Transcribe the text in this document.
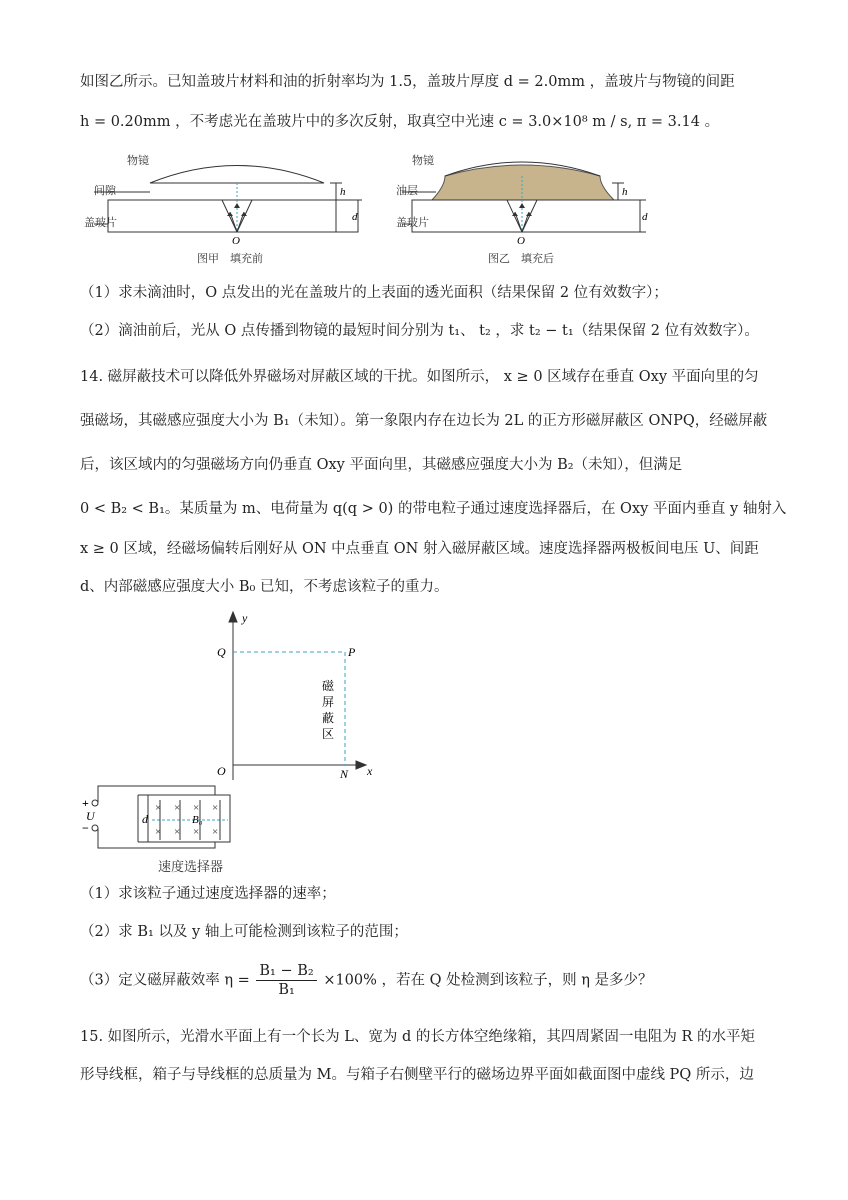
如图乙所示。已知盖玻片材料和油的折射率均为 1.5，盖玻片厚度 d = 2.0mm ，盖玻片与物镜的间距
h = 0.20mm ，不考虑光在盖玻片中的多次反射，取真空中光速 c = 3.0×10⁸ m / s, π = 3.14 。
h
d
O
h
d
O
物镜
间隙
盖玻片
图甲　填充前
物镜
油层
盖玻片
图乙　填充后
（1）求未滴油时，O 点发出的光在盖玻片的上表面的透光面积（结果保留 2 位有效数字）；
（2）滴油前后，光从 O 点传播到物镜的最短时间分别为 t₁、 t₂ ，求 t₂ − t₁（结果保留 2 位有效数字）。
14. 磁屏蔽技术可以降低外界磁场对屏蔽区域的干扰。如图所示， x ≥ 0 区域存在垂直 Oxy 平面向里的匀
强磁场，其磁感应强度大小为 B₁（未知）。第一象限内存在边长为 2L 的正方形磁屏蔽区 ONPQ，经磁屏蔽
后，该区域内的匀强磁场方向仍垂直 Oxy 平面向里，其磁感应强度大小为 B₂（未知），但满足
0 < B₂ < B₁。某质量为 m、电荷量为 q(q > 0) 的带电粒子通过速度选择器后，在 Oxy 平面内垂直 y 轴射入
x ≥ 0 区域，经磁场偏转后刚好从 ON 中点垂直 ON 射入磁屏蔽区域。速度选择器两极板间电压 U、间距
d、内部磁感应强度大小 B₀ 已知，不考虑该粒子的重力。
y
x
O
Q	P
N
磁
屏
蔽
区
× × × ×
× × × ×
+
U
−
d	B₀
速度选择器
（1）求该粒子通过速度选择器的速率；
（2）求 B₁ 以及 y 轴上可能检测到该粒子的范围；
（3）定义磁屏蔽效率 $\eta = \frac{\text{B₁ − B₂}}{\text{B₁}} \times 100\%$ ，若在 Q 处检测到该粒子，则 η 是多少？
15. 如图所示，光滑水平面上有一个长为 L、宽为 d 的长方体空绝缘箱，其四周紧固一电阻为 R 的水平矩
形导线框，箱子与导线框的总质量为 M。与箱子右侧壁平行的磁场边界平面如截面图中虚线 PQ 所示，边
